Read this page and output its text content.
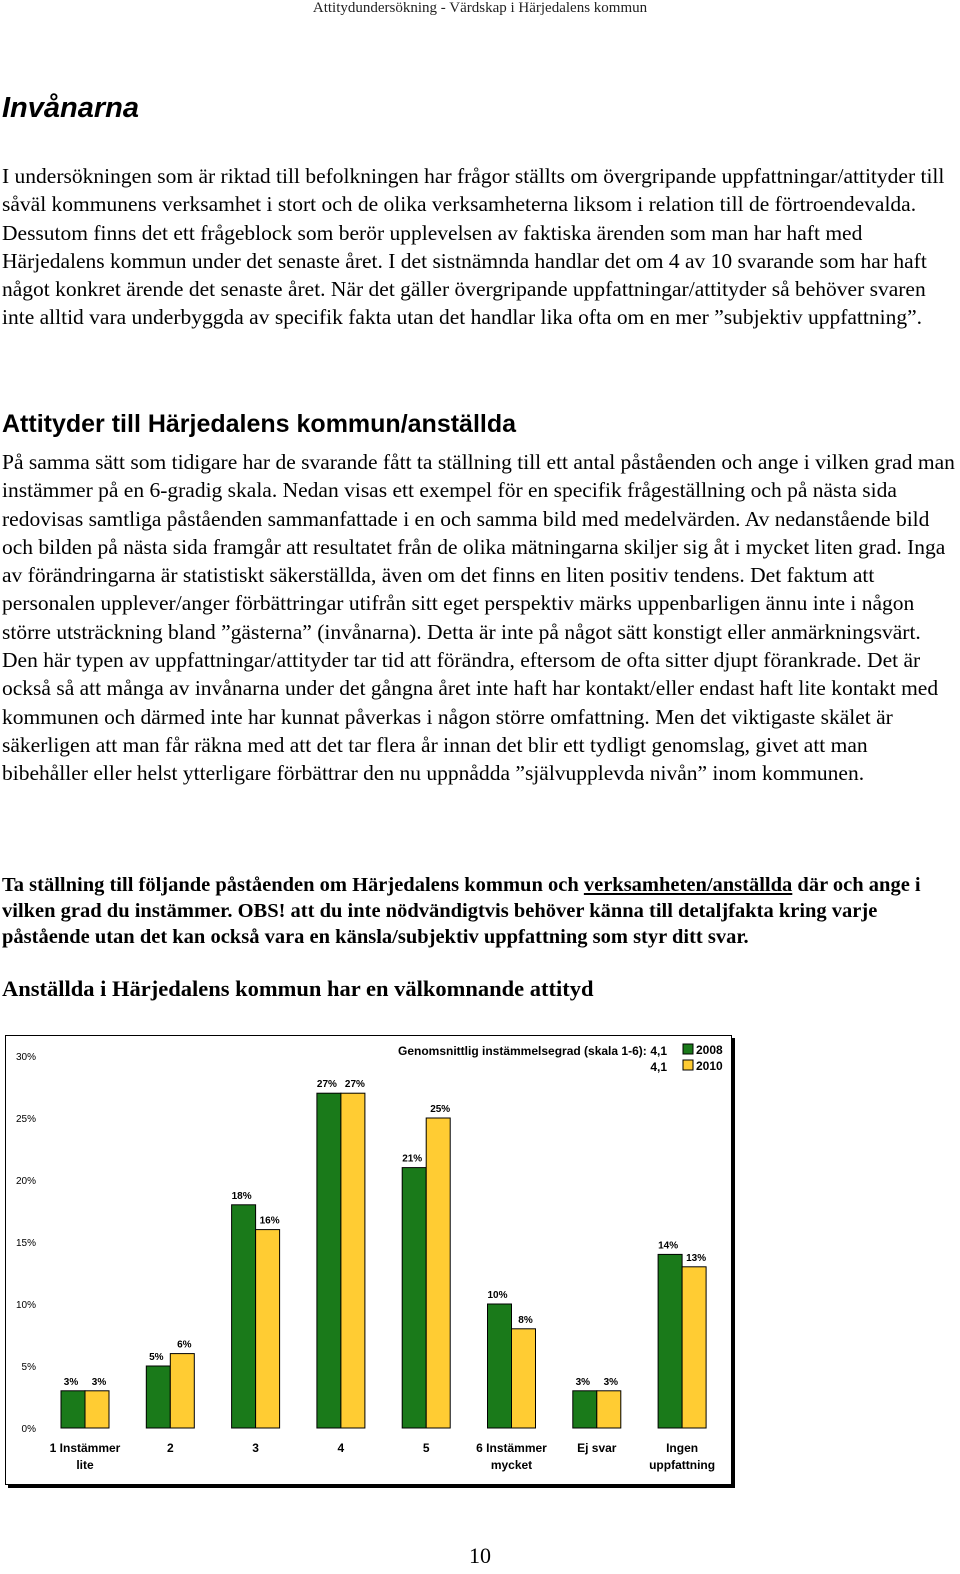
Attitydundersökning - Värdskap i Härjedalens kommun
Invånarna

I undersökningen som är riktad till befolkningen har frågor ställts om övergripande uppfattningar/attityder till såväl kommunens verksamhet i stort och de olika verksamheterna liksom i relation till de förtroendevalda. Dessutom finns det ett frågeblock som berör upplevelsen av faktiska ärenden som man har haft med Härjedalens kommun under det senaste året. I det sistnämnda handlar det om 4 av 10 svarande som har haft något konkret ärende det senaste året. När det gäller övergripande uppfattningar/attityder så behöver svaren inte alltid vara underbyggda av specifik fakta utan det handlar lika ofta om en mer ”subjektiv uppfattning”.

Attityder till Härjedalens kommun/anställda

På samma sätt som tidigare har de svarande fått ta ställning till ett antal påståenden och ange i vilken grad man instämmer på en 6-gradig skala. Nedan visas ett exempel för en specifik frågeställning och på nästa sida redovisas samtliga påståenden sammanfattade i en och samma bild med medelvärden. Av nedanstående bild och bilden på nästa sida framgår att resultatet från de olika mätningarna skiljer sig åt i mycket liten grad. Inga av förändringarna är statistiskt säkerställda, även om det finns en liten positiv tendens. Det faktum att personalen upplever/anger förbättringar utifrån sitt eget perspektiv märks uppenbarligen ännu inte i någon större utsträckning bland ”gästerna” (invånarna). Detta är inte på något sätt konstigt eller anmärkningsvärt. Den här typen av uppfattningar/attityder tar tid att förändra, eftersom de ofta sitter djupt förankrade. Det är också så att många av invånarna under det gångna året inte haft har kontakt/eller endast haft lite kontakt med kommunen och därmed inte har kunnat påverkas i någon större omfattning. Men det viktigaste skälet är säkerligen att man får räkna med att det tar flera år innan det blir ett tydligt genomslag, givet att man bibehåller eller helst ytterligare förbättrar den nu uppnådda ”självupplevda nivån” inom kommunen.

Ta ställning till följande påståenden om Härjedalens kommun och verksamheten/anställda där och ange i vilken grad du instämmer. OBS! att du inte nödvändigtvis behöver känna till detaljfakta kring varje påstående utan det kan också vara en känsla/subjektiv uppfattning som styr ditt svar.

Anställda i Härjedalens kommun har en välkomnande attityd
0%
5%
10%
15%
20%
25%
30%
3% 3%
5%
6%
18%
16%
27% 27%
21%
25%
10%
8%
3% 3%
14%
13%
1 Instämmer
lite
2	3	4	5	6 Instämmer
mycket
Ej svar	Ingen
uppfattning
Genomsnittlig instämmelsegrad (skala 1-6): 4,1
4,1
2008
2010
10
